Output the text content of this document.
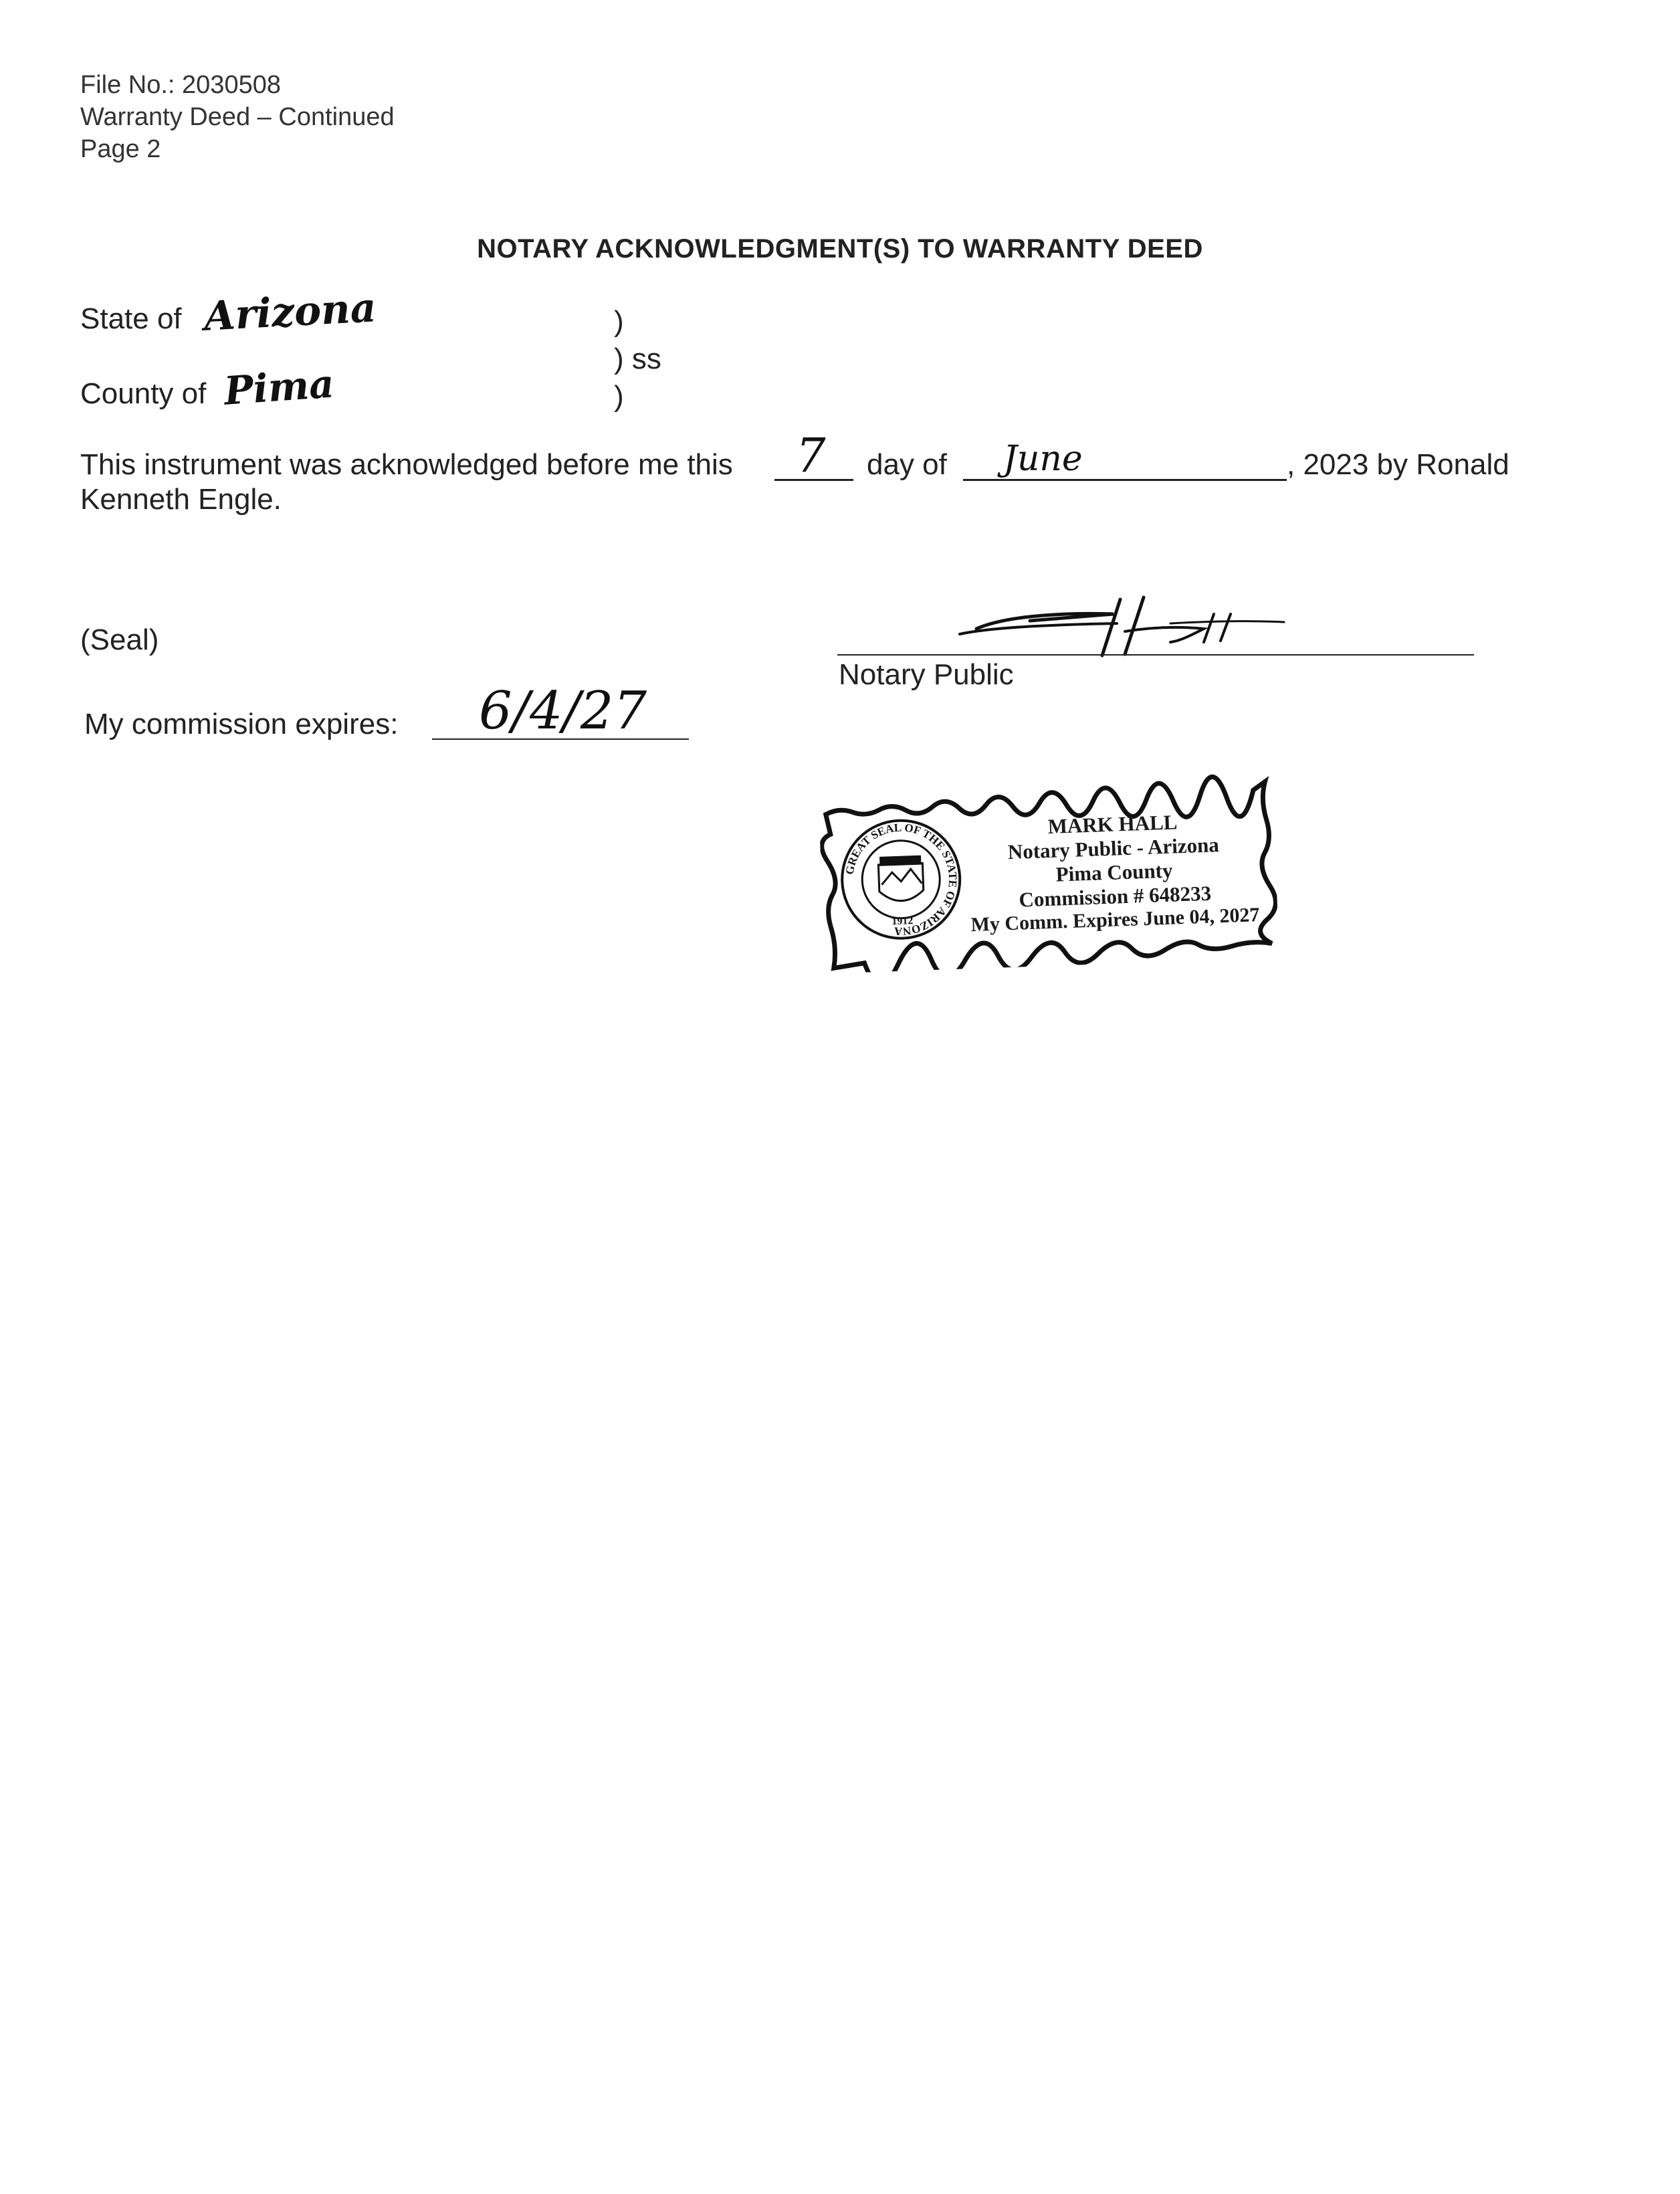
File No.: 2030508
Warranty Deed – Continued
Page 2
NOTARY ACKNOWLEDGMENT(S) TO WARRANTY DEED
State of Arizona
County of Pima
)
) ss
)
This instrument was acknowledged before me this 7 day of June	, 2023 by Ronald
Kenneth Engle.
(Seal)
Notary Public
My commission expires: 6/4/27
GREAT SEAL OF THE STATE OF ARIZONA
1912
MARK HALL
Notary Public - Arizona
Pima County
Commission # 648233
My Comm. Expires June 04, 2027
